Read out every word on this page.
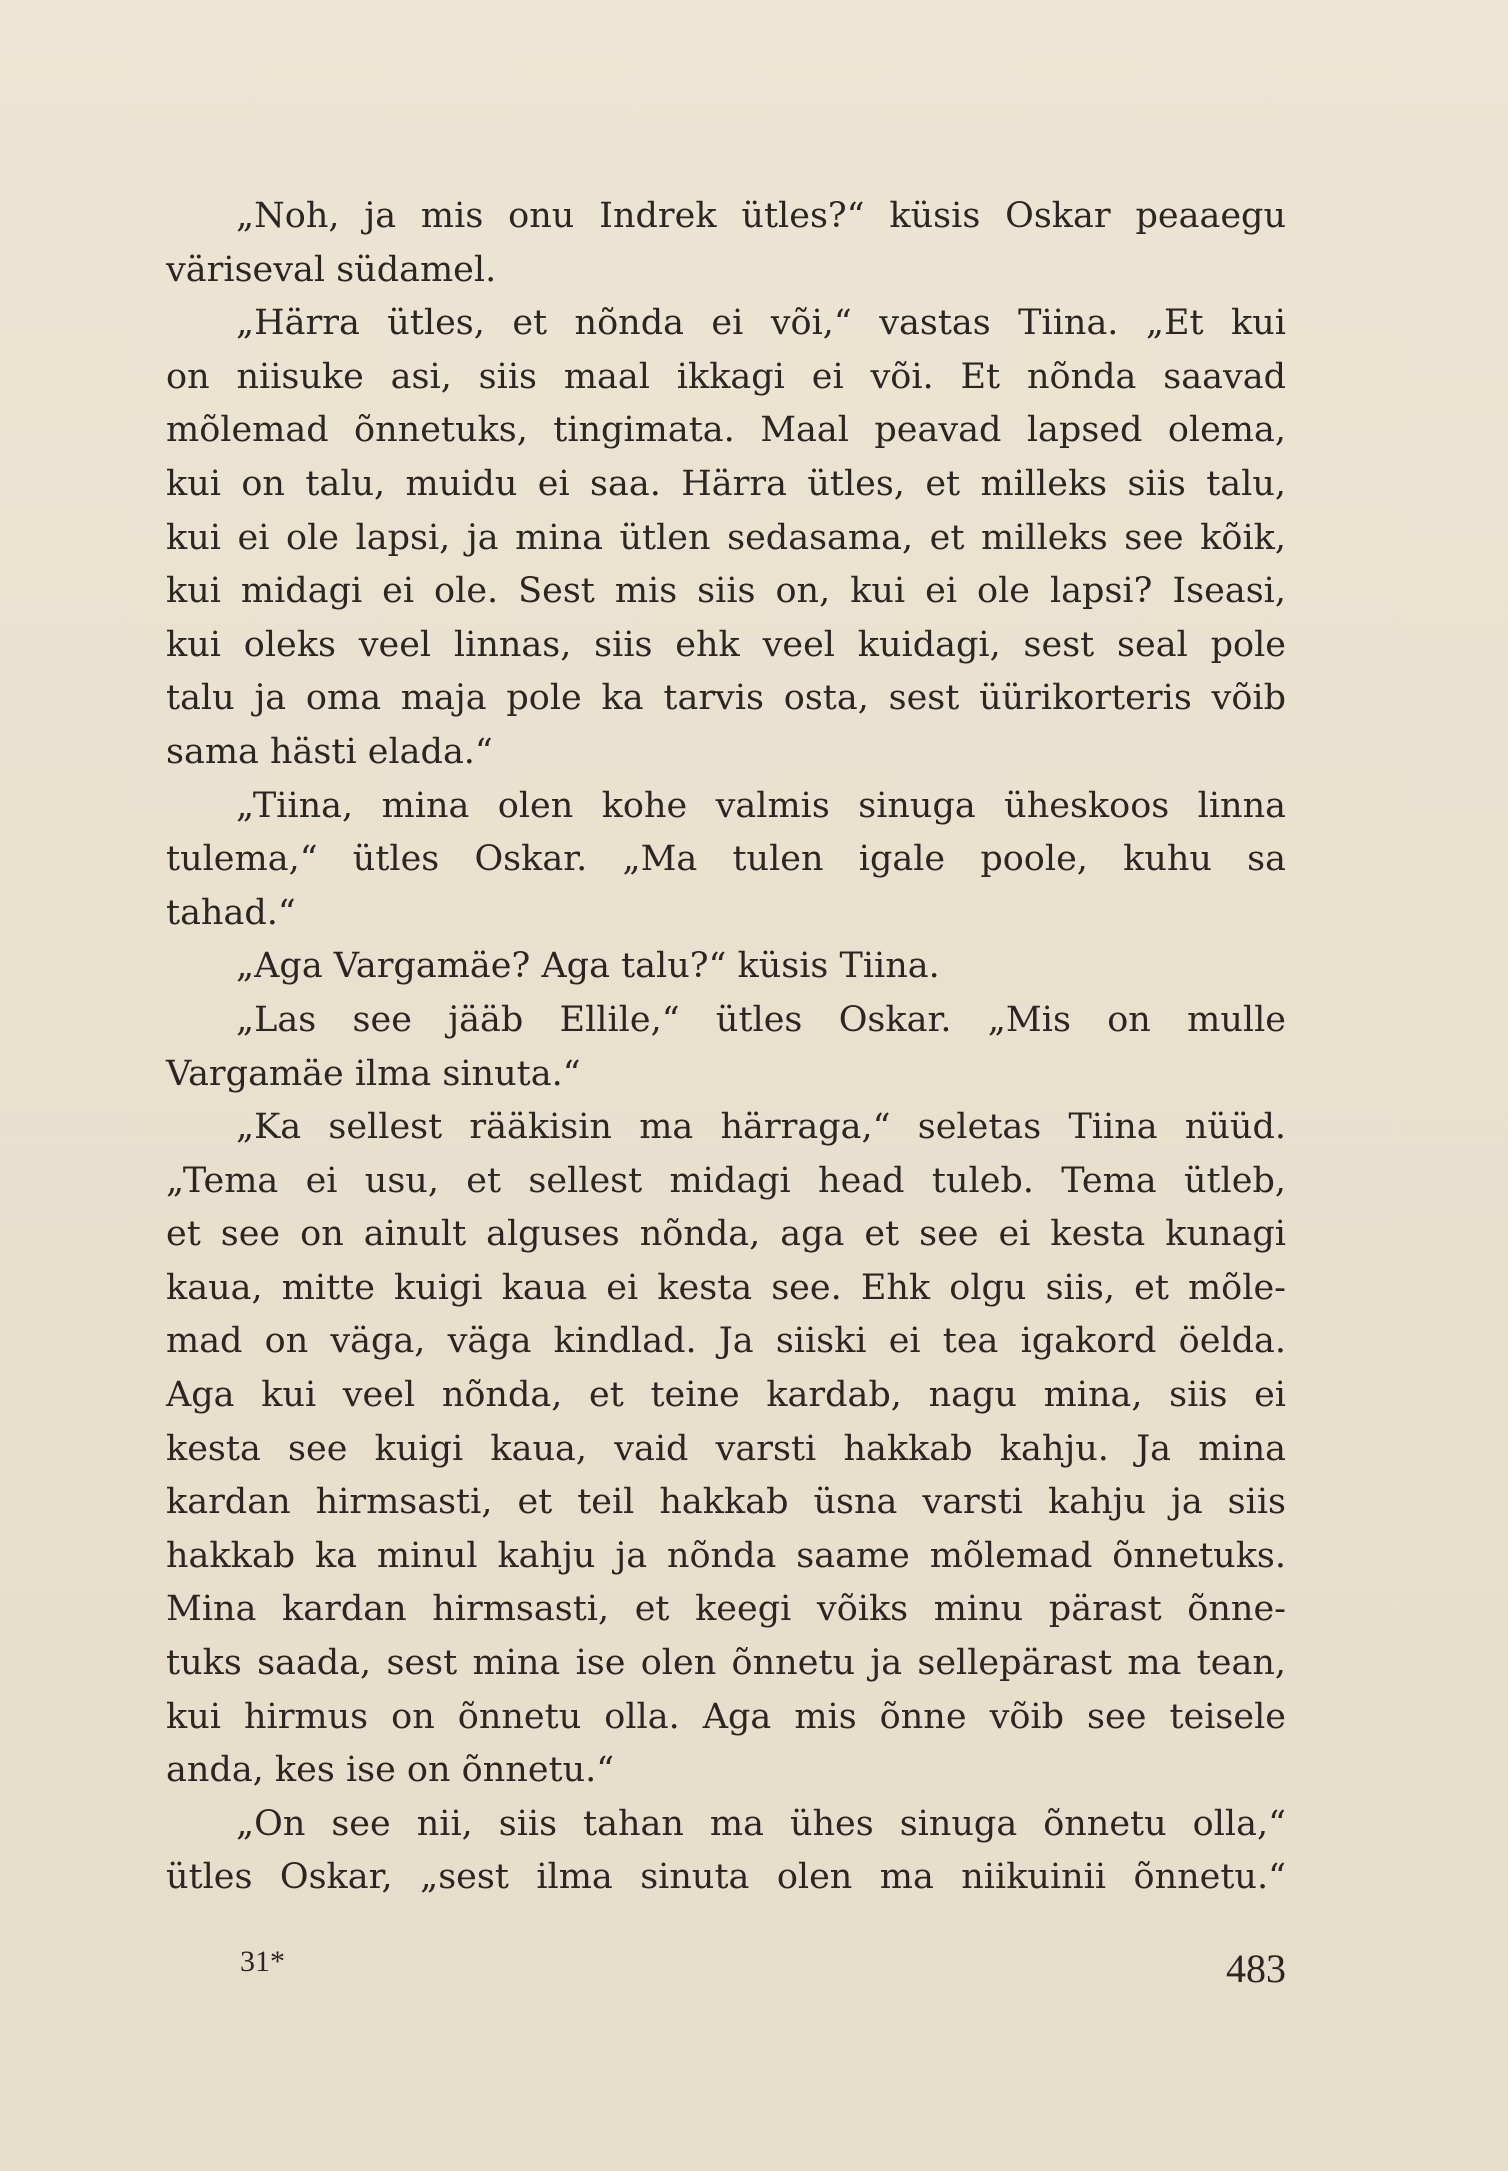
„Noh, ja mis onu Indrek ütles?“ küsis Oskar peaaegu
väriseval südamel.
„Härra ütles, et nõnda ei või,“ vastas Tiina. „Et kui
on niisuke asi, siis maal ikkagi ei või. Et nõnda saavad
mõlemad õnnetuks, tingimata. Maal peavad lapsed olema,
kui on talu, muidu ei saa. Härra ütles, et milleks siis talu,
kui ei ole lapsi, ja mina ütlen sedasama, et milleks see kõik,
kui midagi ei ole. Sest mis siis on, kui ei ole lapsi? Iseasi,
kui oleks veel linnas, siis ehk veel kuidagi, sest seal pole
talu ja oma maja pole ka tarvis osta, sest üürikorteris võib
sama hästi elada.“
„Tiina, mina olen kohe valmis sinuga üheskoos linna
tulema,“ ütles Oskar. „Ma tulen igale poole, kuhu sa
tahad.“
„Aga Vargamäe? Aga talu?“ küsis Tiina.
„Las see jääb Ellile,“ ütles Oskar. „Mis on mulle
Vargamäe ilma sinuta.“
„Ka sellest rääkisin ma härraga,“ seletas Tiina nüüd.
„Tema ei usu, et sellest midagi head tuleb. Tema ütleb,
et see on ainult alguses nõnda, aga et see ei kesta kunagi
kaua, mitte kuigi kaua ei kesta see. Ehk olgu siis, et mõle-
mad on väga, väga kindlad. Ja siiski ei tea igakord öelda.
Aga kui veel nõnda, et teine kardab, nagu mina, siis ei
kesta see kuigi kaua, vaid varsti hakkab kahju. Ja mina
kardan hirmsasti, et teil hakkab üsna varsti kahju ja siis
hakkab ka minul kahju ja nõnda saame mõlemad õnnetuks.
Mina kardan hirmsasti, et keegi võiks minu pärast õnne-
tuks saada, sest mina ise olen õnnetu ja sellepärast ma tean,
kui hirmus on õnnetu olla. Aga mis õnne võib see teisele
anda, kes ise on õnnetu.“
„On see nii, siis tahan ma ühes sinuga õnnetu olla,“
ütles Oskar, „sest ilma sinuta olen ma niikuinii õnnetu.“
31*	483
